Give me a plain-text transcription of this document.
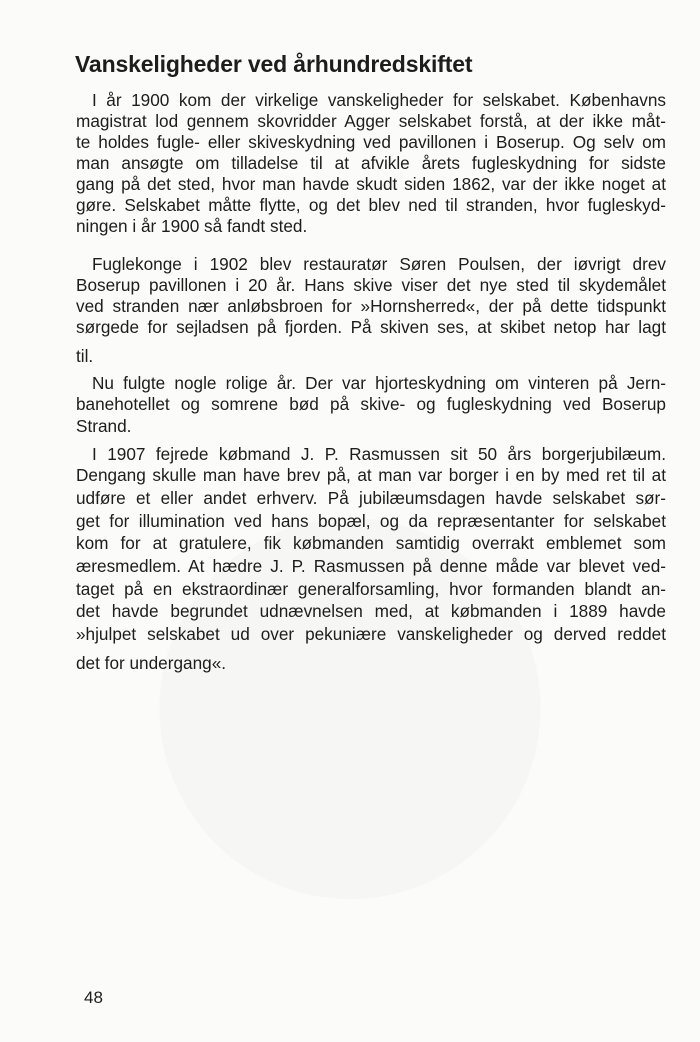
Vanskeligheder ved århundredskiftet

I år 1900 kom der virkelige vanskeligheder for selskabet. Københavns

magistrat lod gennem skovridder Agger selskabet forstå, at der ikke måt-

te holdes fugle- eller skiveskydning ved pavillonen i Boserup. Og selv om

man ansøgte om tilladelse til at afvikle årets fugleskydning for sidste

gang på det sted, hvor man havde skudt siden 1862, var der ikke noget at

gøre. Selskabet måtte flytte, og det blev ned til stranden, hvor fugleskyd-

ningen i år 1900 så fandt sted.

Fuglekonge i 1902 blev restauratør Søren Poulsen, der iøvrigt drev

Boserup pavillonen i 20 år. Hans skive viser det nye sted til skydemålet

ved stranden nær anløbsbroen for »Hornsherred«, der på dette tidspunkt

sørgede for sejladsen på fjorden. På skiven ses, at skibet netop har lagt

til.

Nu fulgte nogle rolige år. Der var hjorteskydning om vinteren på Jern-

banehotellet og somrene bød på skive- og fugleskydning ved Boserup

Strand.

I 1907 fejrede købmand J. P. Rasmussen sit 50 års borgerjubilæum.

Dengang skulle man have brev på, at man var borger i en by med ret til at

udføre et eller andet erhverv. På jubilæumsdagen havde selskabet sør-

get for illumination ved hans bopæl, og da repræsentanter for selskabet

kom for at gratulere, fik købmanden samtidig overrakt emblemet som

æresmedlem. At hædre J. P. Rasmussen på denne måde var blevet ved-

taget på en ekstraordinær generalforsamling, hvor formanden blandt an-

det havde begrundet udnævnelsen med, at købmanden i 1889 havde

»hjulpet selskabet ud over pekuniære vanskeligheder og derved reddet

det for undergang«.

48
